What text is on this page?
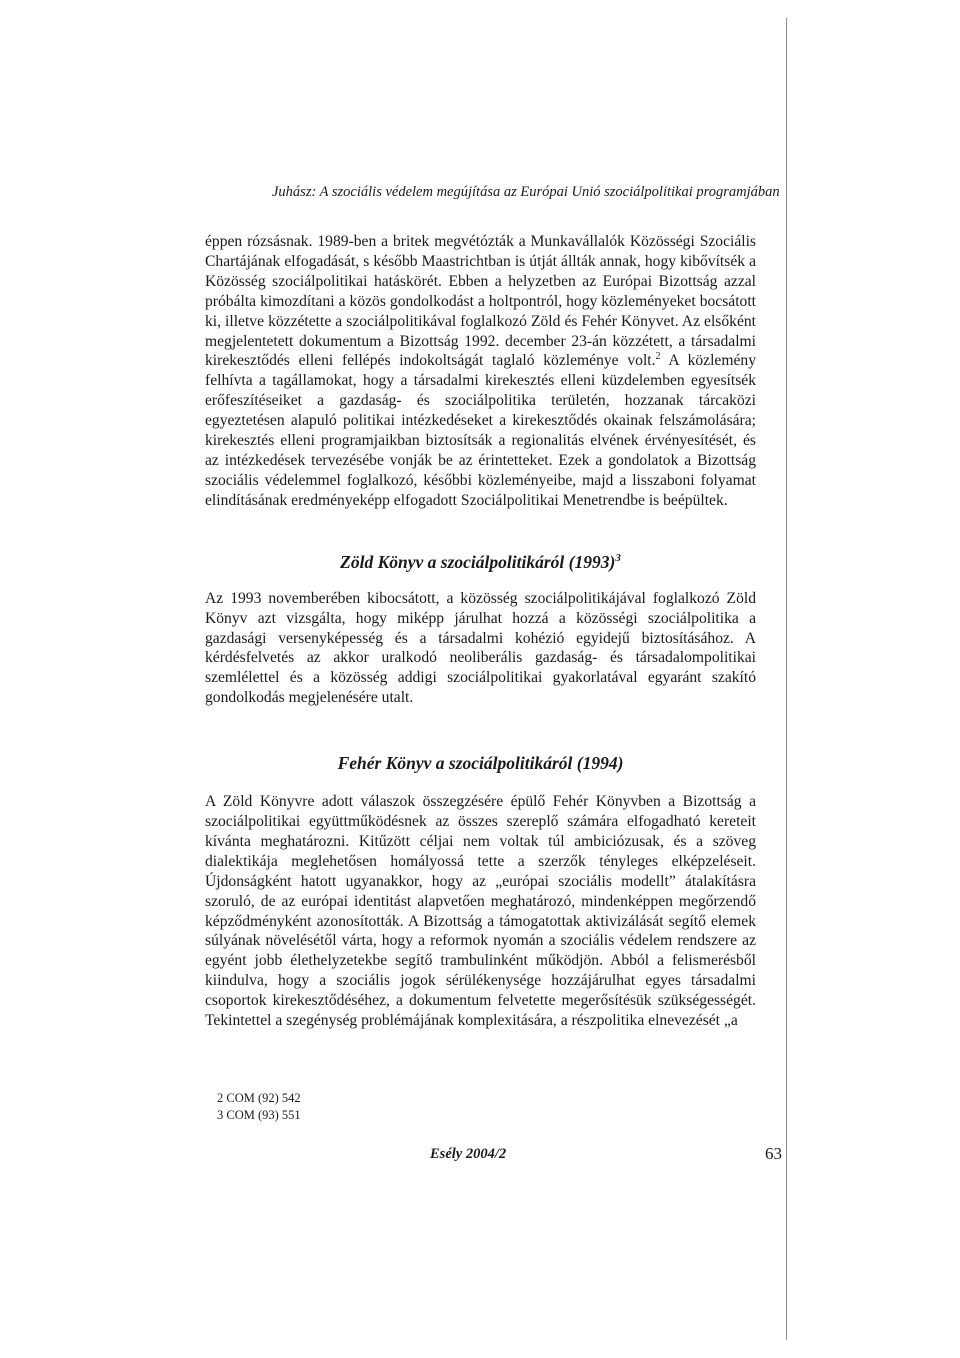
Juhász: A szociális védelem megújítása az Európai Unió szociálpolitikai programjában

éppen rózsásnak. 1989-ben a britek megvétózták a Munkavállalók Közösségi Szociális Chartájának elfogadását, s később Maastrichtban is útját állták annak, hogy kibővítsék a Közösség szociálpolitikai hatáskörét. Ebben a helyzetben az Európai Bizottság azzal próbálta kimozdítani a közös gondolkodást a holtpontról, hogy közleményeket bocsátott ki, illetve közzétette a szociálpolitikával foglalkozó Zöld és Fehér Könyvet. Az elsőként megjelentetett dokumentum a Bizottság 1992. december 23-án közzétett, a társadalmi kirekesztődés elleni fellépés indokoltságát taglaló közleménye volt.$^2$ A közlemény felhívta a tagállamokat, hogy a társadalmi kirekesztés elleni küzdelemben egyesítsék erőfeszítéseiket a gazdaság- és szociálpolitika területén, hozzanak tárcaközi egyeztetésen alapuló politikai intézkedéseket a kirekesztődés okainak felszámolására; kirekesztés elleni programjaikban biztosítsák a regionalitás elvének érvényesítését, és az intézkedések tervezésébe vonják be az érintetteket. Ezek a gondolatok a Bizottság szociális védelemmel foglalkozó, későbbi közleményeibe, majd a lisszaboni folyamat elindításának eredményeképp elfogadott Szociálpolitikai Menetrendbe is beépültek.

Zöld Könyv a szociálpolitikáról $(1993)^3$

Az 1993 novemberében kibocsátott, a közösség szociálpolitikájával foglalkozó Zöld Könyv azt vizsgálta, hogy miképp járulhat hozzá a közösségi szociálpolitika a gazdasági versenyképesség és a társadalmi kohézió egyidejű biztosításához. A kérdésfelvetés az akkor uralkodó neoliberális gazdaság- és társadalompolitikai szemlélettel és a közösség addigi szociálpolitikai gyakorlatával egyaránt szakító gondolkodás megjelenésére utalt.

Fehér Könyv a szociálpolitikáról (1994)

A Zöld Könyvre adott válaszok összegzésére épülő Fehér Könyvben a Bizottság a szociálpolitikai együttműködésnek az összes szereplő számára elfogadható kereteit kívánta meghatározni. Kitűzött céljai nem voltak túl ambiciózusak, és a szöveg dialektikája meglehetősen homályossá tette a szerzők tényleges elképzeléseit. Újdonságként hatott ugyanakkor, hogy az „európai szociális modellt” átalakításra szoruló, de az európai identitást alapvetően meghatározó, mindenképpen megőrzendő képződményként azonosították. A Bizottság a támogatottak aktivizálását segítő elemek súlyának növelésétől várta, hogy a reformok nyomán a szociális védelem rendszere az egyént jobb élethelyzetekbe segítő trambulinként működjön. Abból a felismerésből kiindulva, hogy a szociális jogok sérülékenysége hozzájárulhat egyes társadalmi csoportok kirekesztődéséhez, a dokumentum felvetette megerősítésük szükségességét. Tekintettel a szegénység problémájának komplexitására, a részpolitika elnevezését „a

2 COM (92) 542
3 COM (93) 551
Esély 2004/2	63
